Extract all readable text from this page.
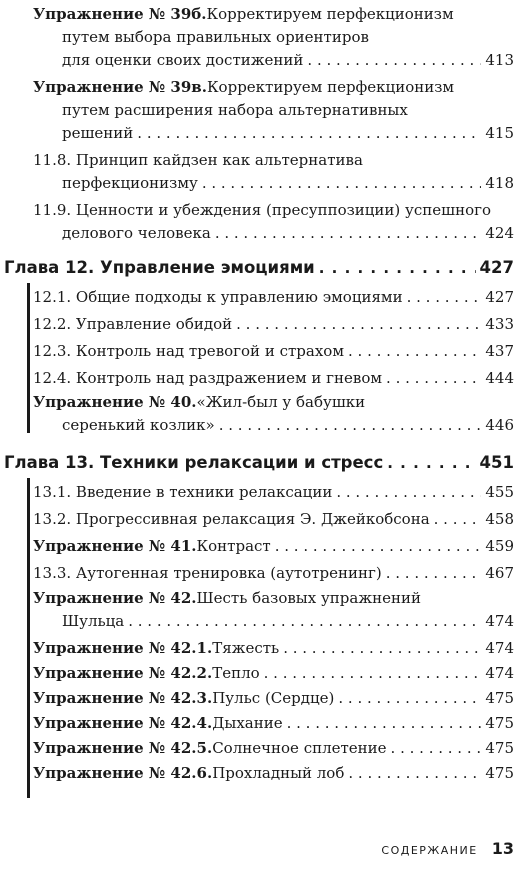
Упражнение № 39б. Корректируем перфекционизм
путем выбора правильных ориентиров
для оценки своих достижений . . .	413
Упражнение № 39в. Корректируем перфекционизм
путем расширения набора альтернативных
решений . . .	415
11.8. Принцип кайдзен как альтернатива
перфекционизму . . .	418
11.9. Ценности и убеждения (пресуппозиции) успешного
делового человека . . .	424
Глава 12. Управление эмоциями . . .	427
12.1. Общие подходы к управлению эмоциями . . .	427
12.2. Управление обидой . . .	433
12.3. Контроль над тревогой и страхом . . .	437
12.4. Контроль над раздражением и гневом . . .	444
Упражнение № 40. «Жил-был у бабушки
серенький козлик» . . .	446
Глава 13. Техники релаксации и стресс . . .	451
13.1. Введение в техники релаксации . . .	455
13.2. Прогрессивная релаксация Э. Джейкобсона . . .	458
Упражнение № 41. Контраст . . .	459
13.3. Аутогенная тренировка (аутотренинг) . . .	467
Упражнение № 42. Шесть базовых упражнений
Шульца . . .	474
Упражнение № 42.1. Тяжесть . . .	474
Упражнение № 42.2. Тепло . . .	474
Упражнение № 42.3. Пульс (Сердце) . . .	475
Упражнение № 42.4. Дыхание . . .	475
Упражнение № 42.5. Солнечное сплетение . . .	475
Упражнение № 42.6. Прохладный лоб . . .	475
СОДЕРЖАНИЕ 13
